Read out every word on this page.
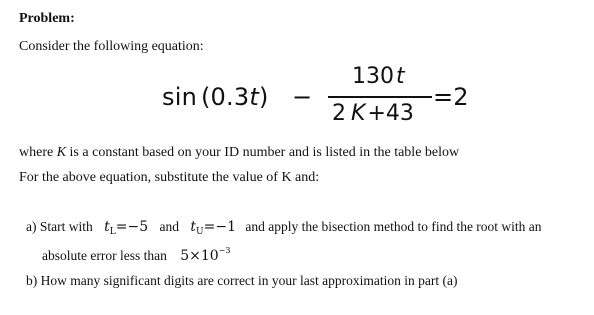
Problem:
Consider the following equation:
sin (0.3t) −
130t
2 K+43
=2
where K is a constant based on your ID number and is listed in the table below
For the above equation, substitute the value of K and:
a) Start with $t_L=-5$ and $t_U=-1$ and apply the bisection method to find the root with an
absolute error less than $5\times 10^{-3}$
b) How many significant digits are correct in your last approximation in part (a)
